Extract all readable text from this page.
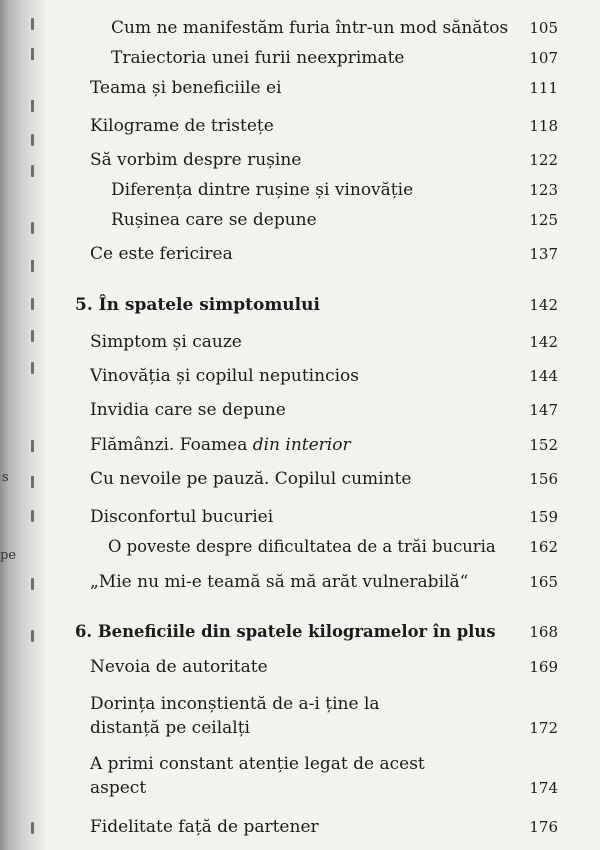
s
pe
Cum ne manifestăm furia într-un mod sănătos 105
Traiectoria unei furii neexprimate	107
Teama și beneficiile ei	111
Kilograme de tristețe	118
Să vorbim despre rușine	122
Diferența dintre rușine și vinovăție	123
Rușinea care se depune	125
Ce este fericirea	137
5. În spatele simptomului	142
Simptom și cauze	142
Vinovăția și copilul neputincios	144
Invidia care se depune	147
Flămânzi. Foamea din interior	152
Cu nevoile pe pauză. Copilul cuminte	156
Disconfortul bucuriei	159
O poveste despre dificultatea de a trăi bucuria 162
„Mie nu mi-e teamă să mă arăt vulnerabilă“	165
6. Beneficiile din spatele kilogramelor în plus 168
Nevoia de autoritate	169
Dorința inconștientă de a-i ține la distanță pe ceilalți	172
A primi constant atenție legat de acest aspect	174
Fidelitate față de partener	176
